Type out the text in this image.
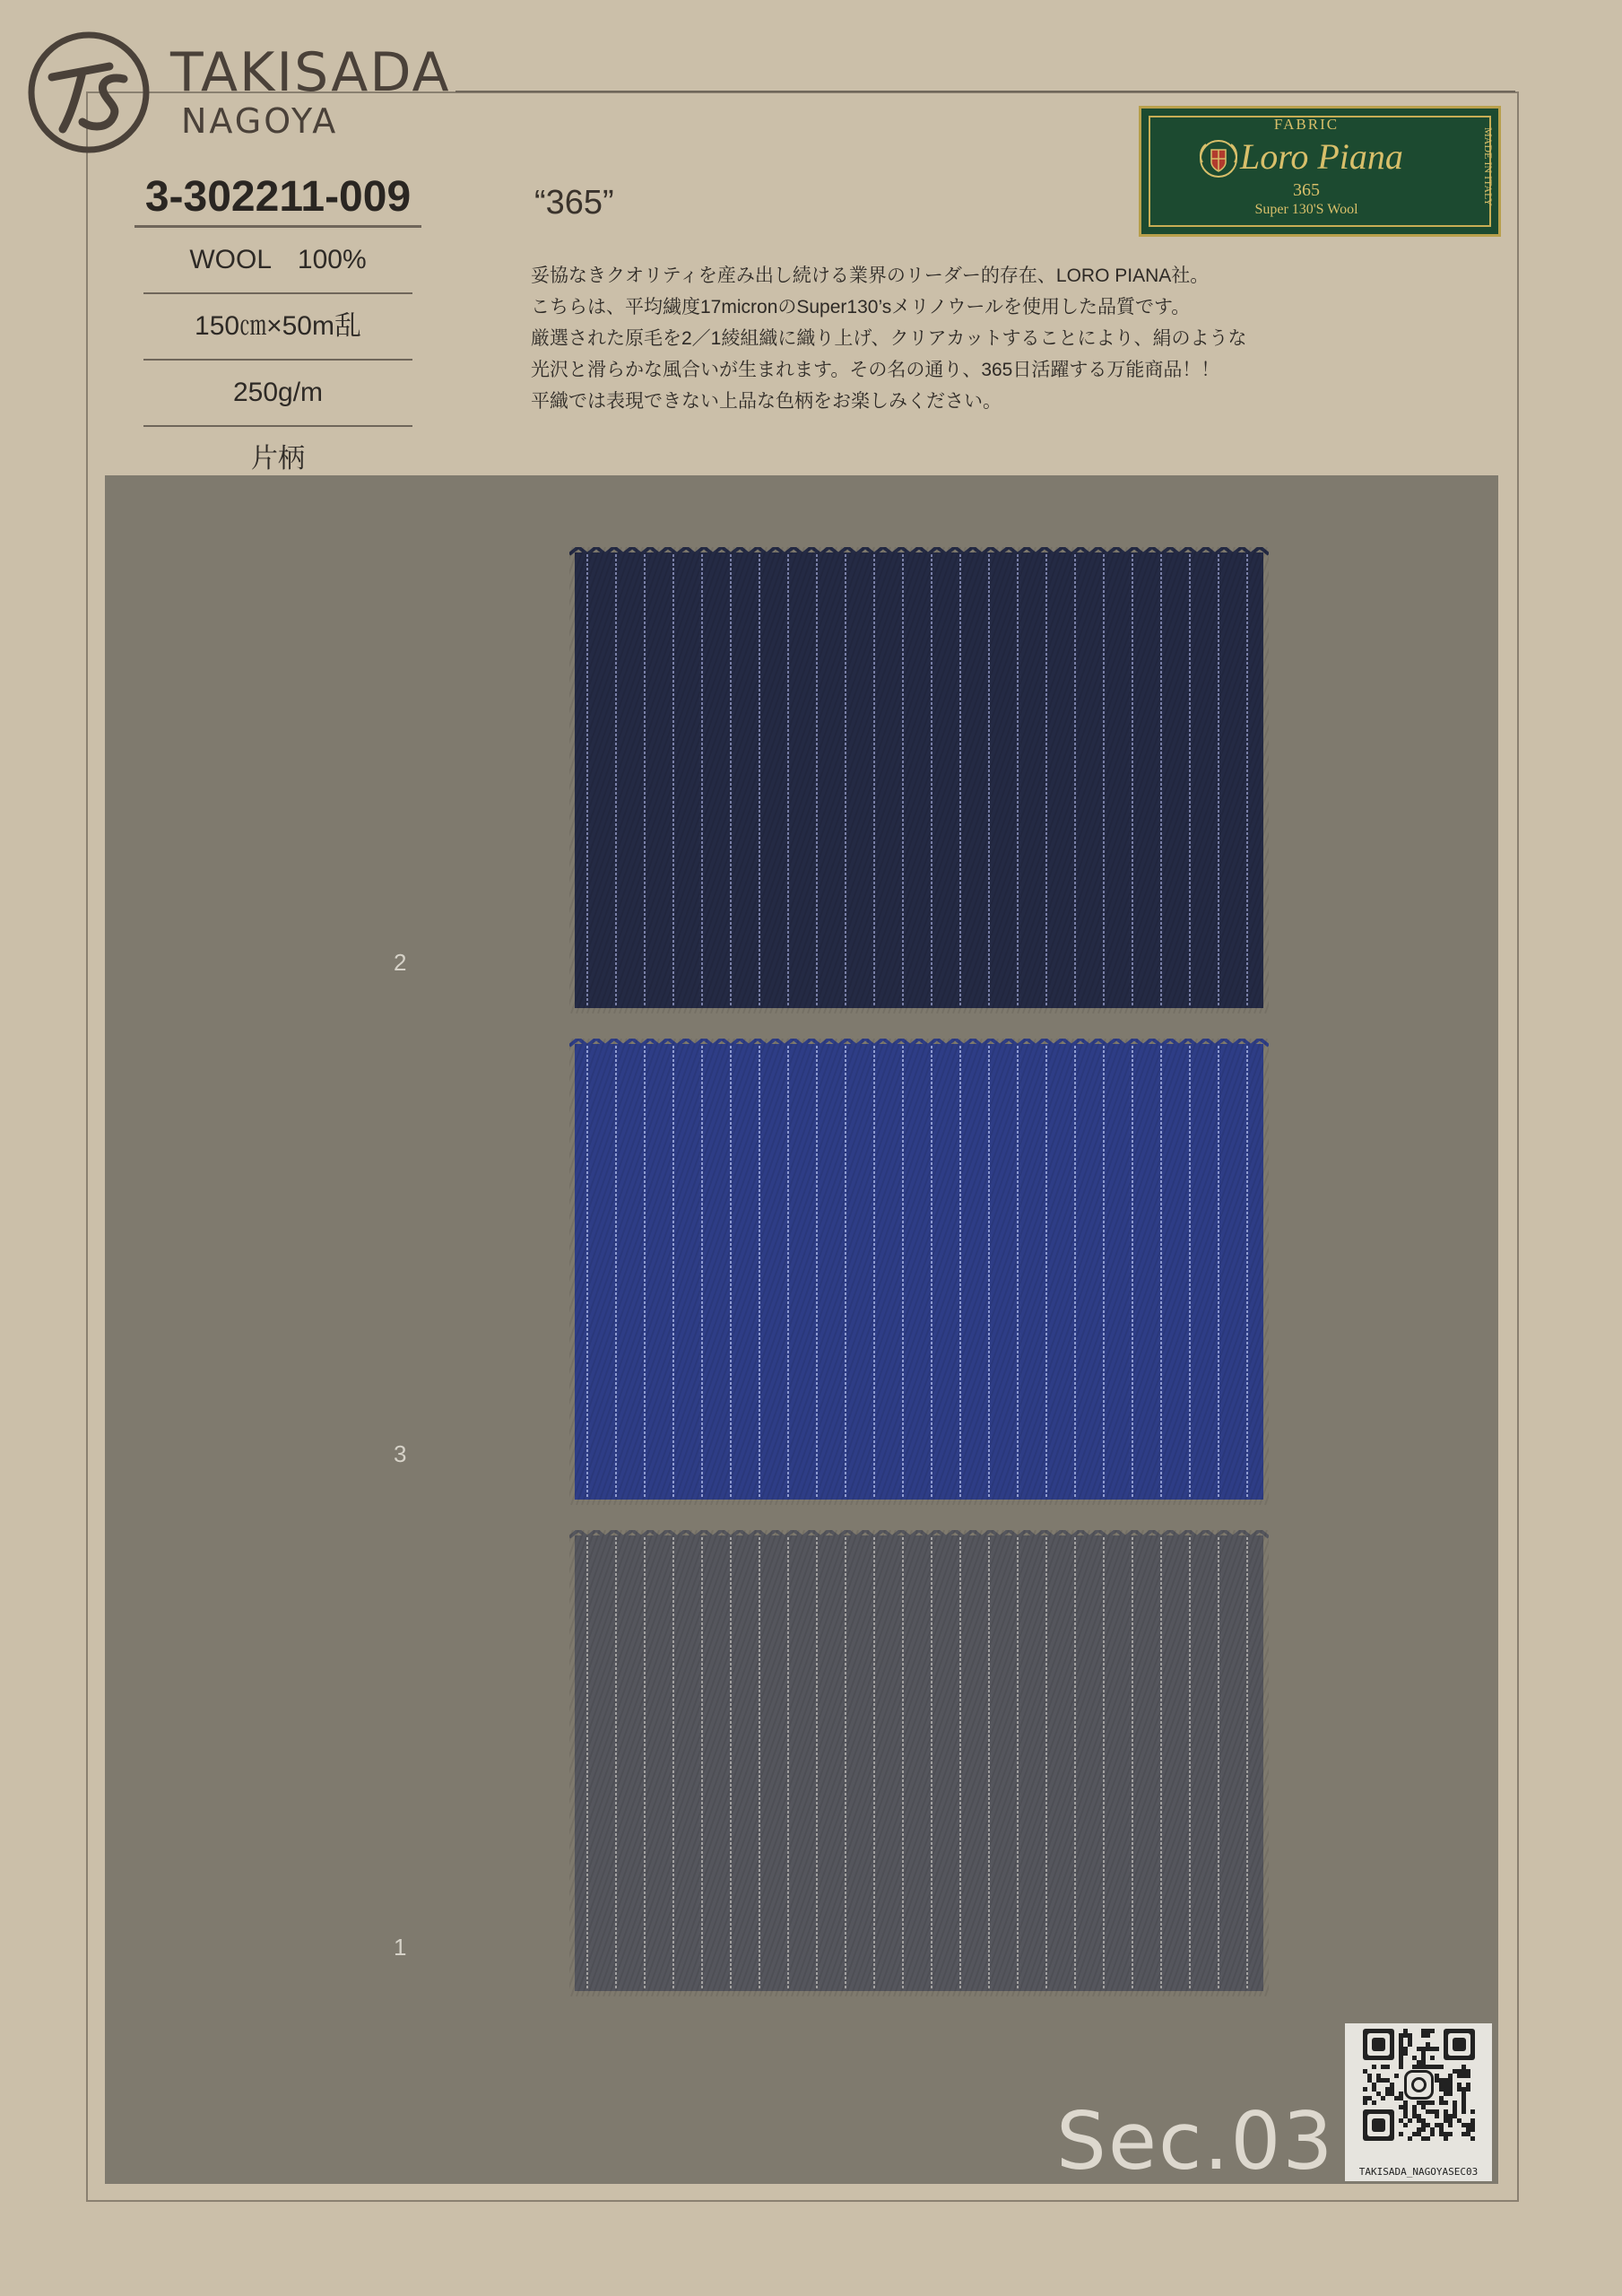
TAKISADA
NAGOYA
3-302211-009
WOOL　100%
150㎝×50m乱
250g/m
片柄
“365”
妥協なきクオリティを産み出し続ける業界のリーダー的存在、LORO PIANA社。
こちらは、平均繊度17micronのSuper130’sメリノウールを使用した品質です。
厳選された原毛を2／1綾組織に織り上げ、クリアカットすることにより、絹のような
光沢と滑らかな風合いが生まれます。その名の通り、365日活躍する万能商品！！
平織では表現できない上品な色柄をお楽しみください。
FABRIC
Loro Piana
365
Super 130'S Wool
MADE IN ITALY
2
3
1
Sec.03	TAKISADA_NAGOYASEC03
